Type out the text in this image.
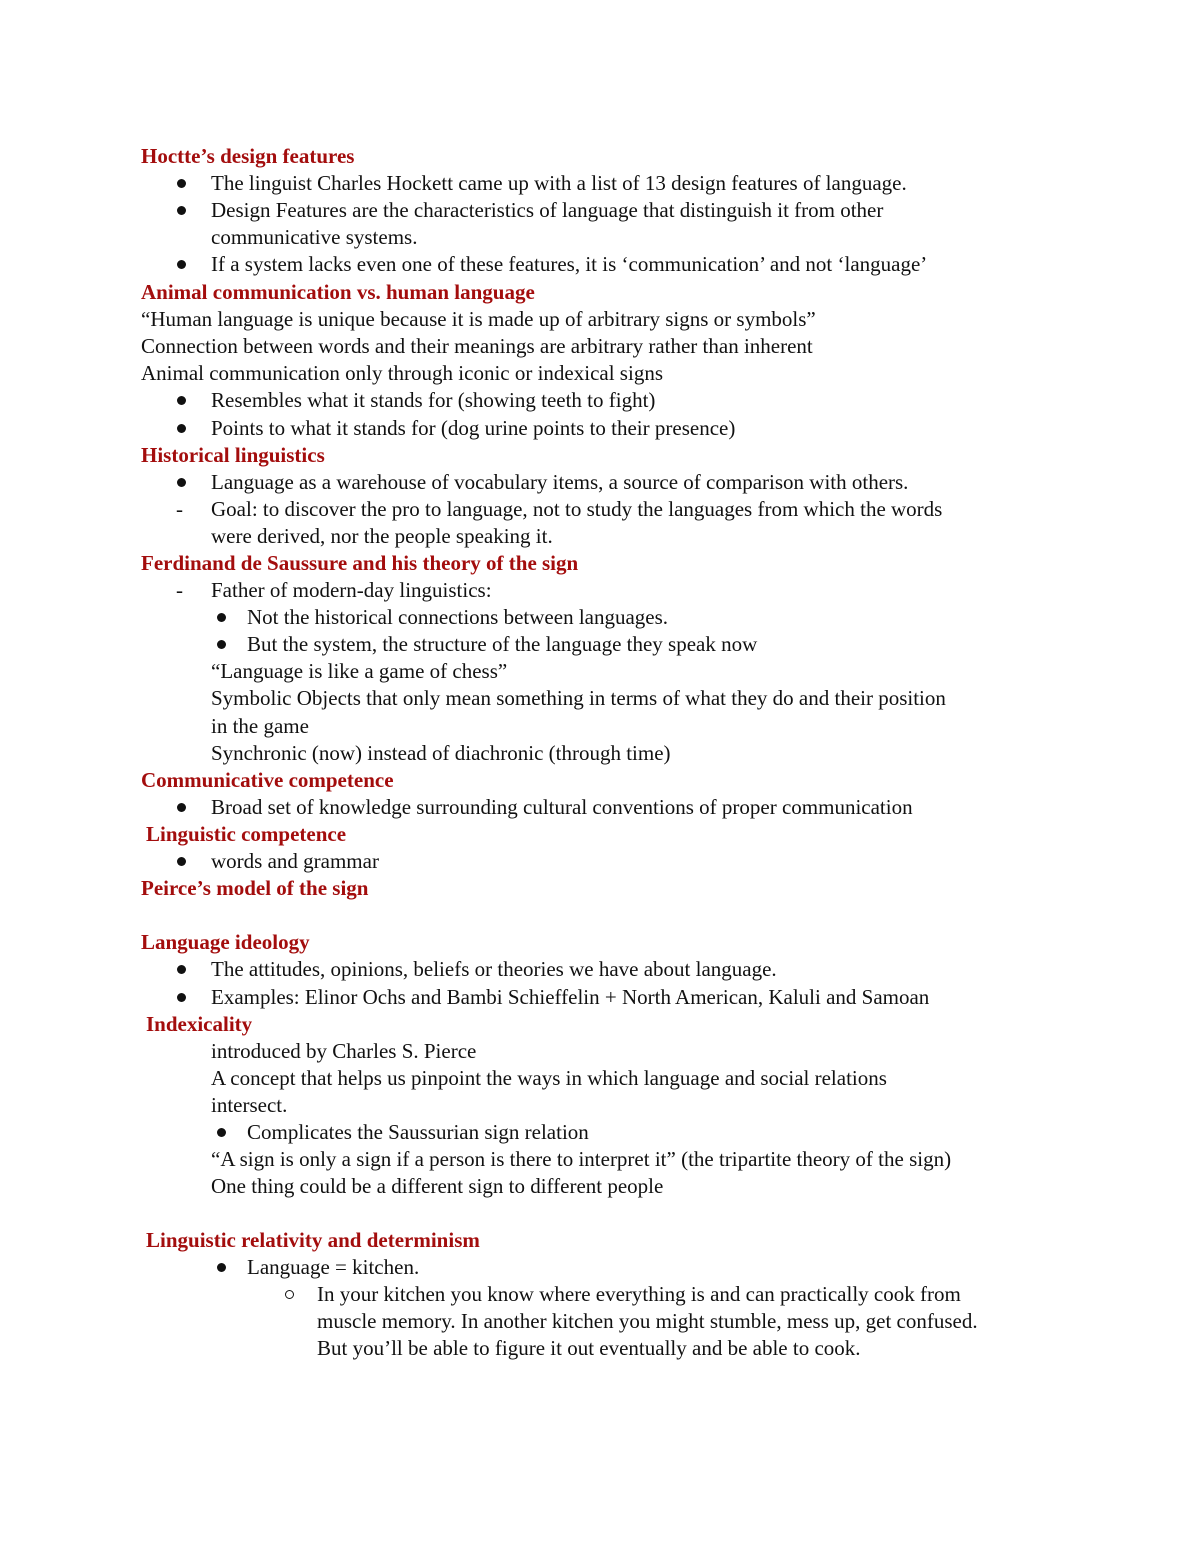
Hoctte’s design features
The linguist Charles Hockett came up with a list of 13 design features of language.
Design Features are the characteristics of language that distinguish it from other
communicative systems.
If a system lacks even one of these features, it is ‘communication’ and not ‘language’
Animal communication vs. human language
“Human language is unique because it is made up of arbitrary signs or symbols”
Connection between words and their meanings are arbitrary rather than inherent
Animal communication only through iconic or indexical signs
Resembles what it stands for (showing teeth to fight)
Points to what it stands for (dog urine points to their presence)
Historical linguistics
Language as a warehouse of vocabulary items, a source of comparison with others.
- Goal: to discover the pro to language, not to study the languages from which the words
were derived, nor the people speaking it.
Ferdinand de Saussure and his theory of the sign
- Father of modern-day linguistics:
Not the historical connections between languages.
But the system, the structure of the language they speak now
“Language is like a game of chess”
Symbolic Objects that only mean something in terms of what they do and their position
in the game
Synchronic (now) instead of diachronic (through time)
Communicative competence
Broad set of knowledge surrounding cultural conventions of proper communication
Linguistic competence
words and grammar
Peirce’s model of the sign
Language ideology
The attitudes, opinions, beliefs or theories we have about language.
Examples: Elinor Ochs and Bambi Schieffelin + North American, Kaluli and Samoan
Indexicality
introduced by Charles S. Pierce
A concept that helps us pinpoint the ways in which language and social relations
intersect.
Complicates the Saussurian sign relation
“A sign is only a sign if a person is there to interpret it” (the tripartite theory of the sign)
One thing could be a different sign to different people
Linguistic relativity and determinism
Language = kitchen.
In your kitchen you know where everything is and can practically cook from
muscle memory. In another kitchen you might stumble, mess up, get confused.
But you’ll be able to figure it out eventually and be able to cook.
